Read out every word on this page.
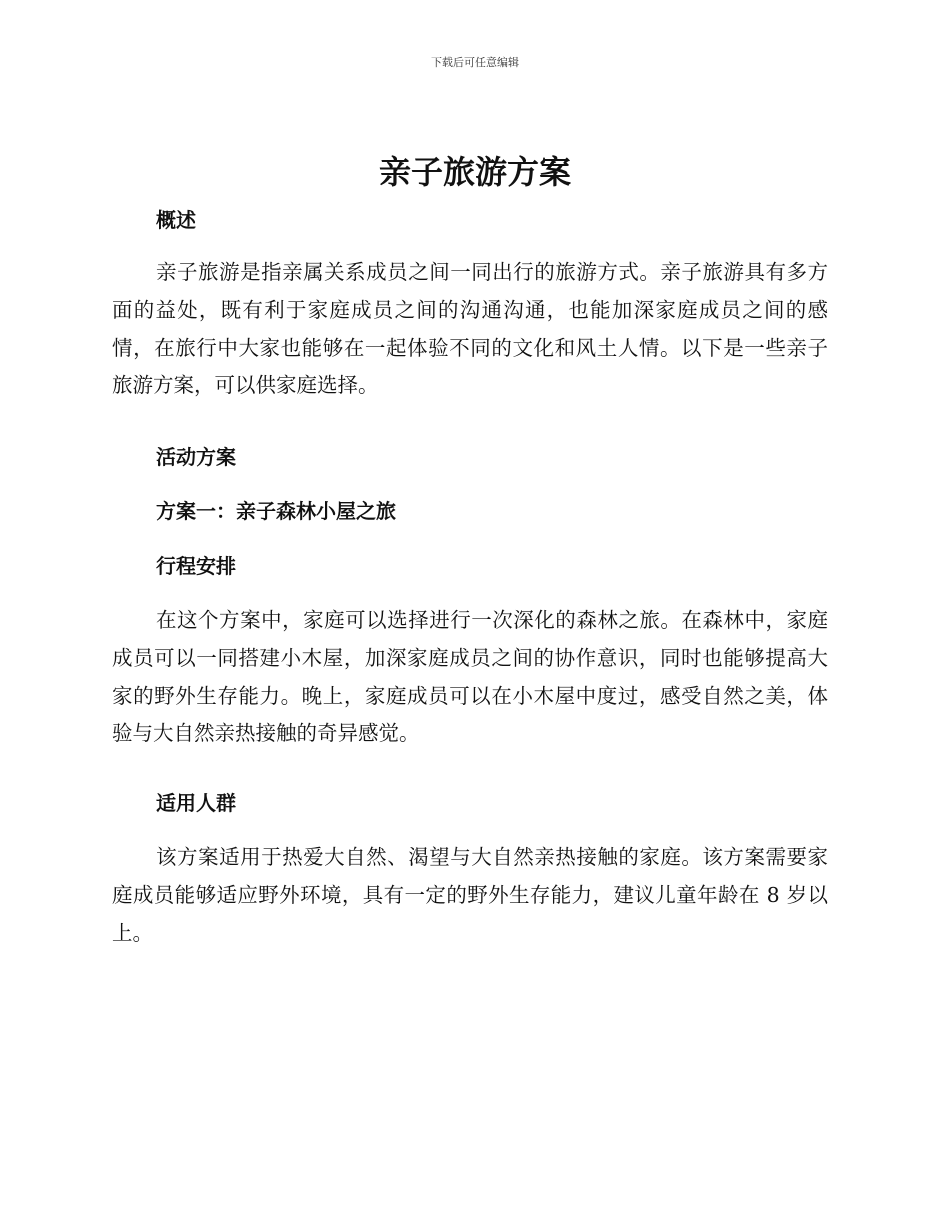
下载后可任意编辑
亲子旅游方案
概述

亲子旅游是指亲属关系成员之间一同出行的旅游方式。亲子旅游具有多方面的益处，既有利于家庭成员之间的沟通沟通，也能加深家庭成员之间的感情，在旅行中大家也能够在一起体验不同的文化和风土人情。以下是一些亲子旅游方案，可以供家庭选择。

活动方案
方案一：亲子森林小屋之旅
行程安排

在这个方案中，家庭可以选择进行一次深化的森林之旅。在森林中，家庭成员可以一同搭建小木屋，加深家庭成员之间的协作意识，同时也能够提高大家的野外生存能力。晚上，家庭成员可以在小木屋中度过，感受自然之美，体验与大自然亲热接触的奇异感觉。

适用人群

该方案适用于热爱大自然、渴望与大自然亲热接触的家庭。该方案需要家庭成员能够适应野外环境，具有一定的野外生存能力，建议儿童年龄在 8 岁以上。
